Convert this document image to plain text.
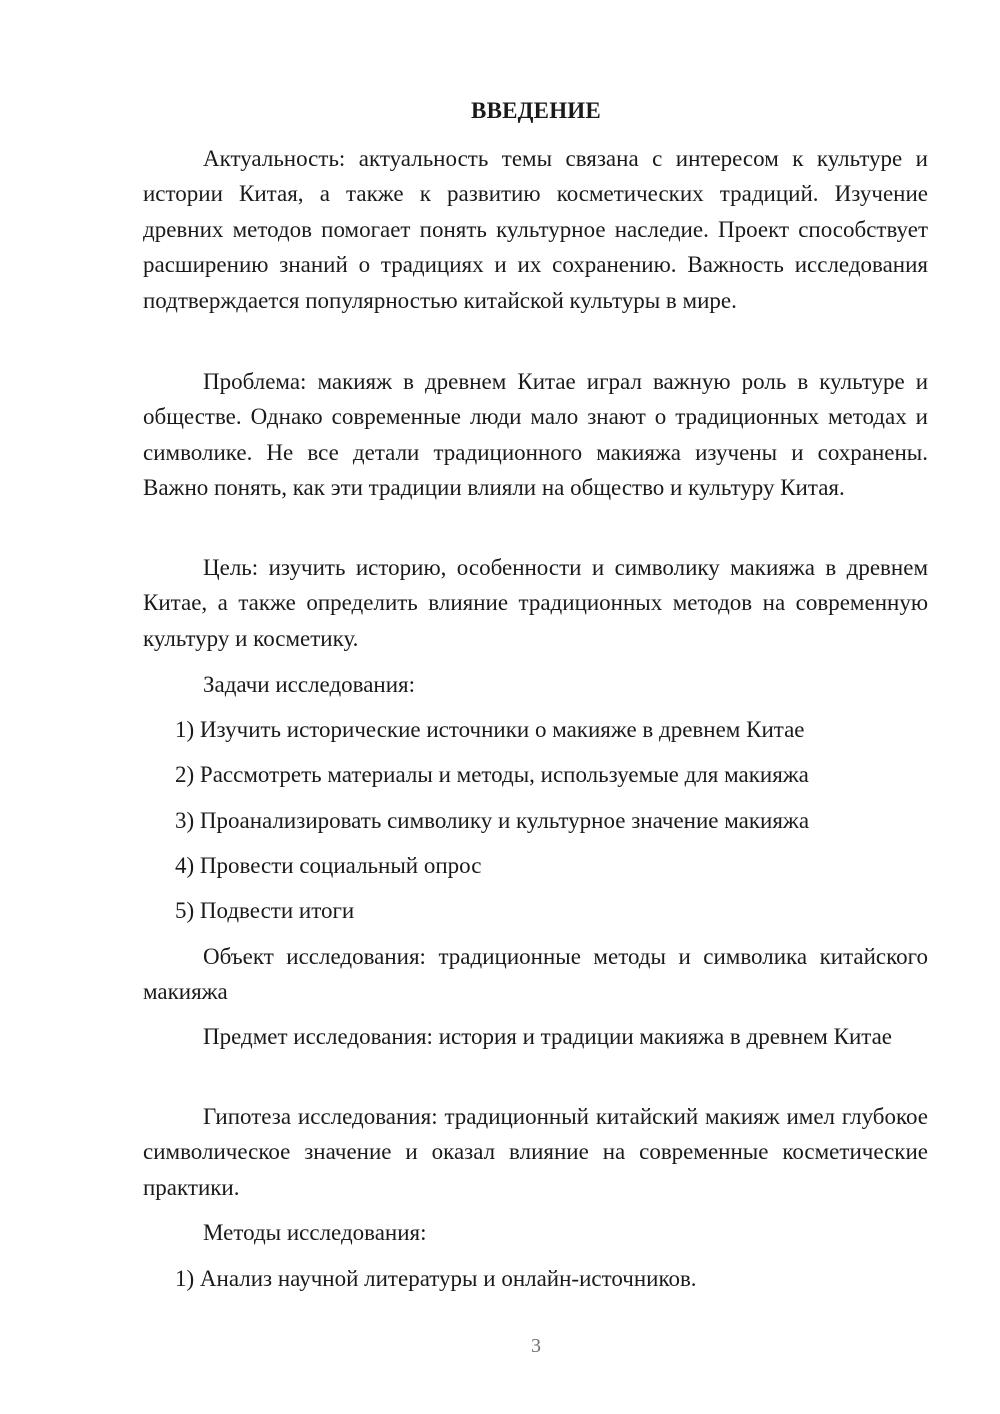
ВВЕДЕНИЕ
Актуальность: актуальность темы связана с интересом к культуре и истории Китая, а также к развитию косметических традиций. Изучение древних методов помогает понять культурное наследие. Проект способствует расширению знаний о традициях и их сохранению. Важность исследования подтверждается популярностью китайской культуры в мире.
Проблема: макияж в древнем Китае играл важную роль в культуре и обществе. Однако современные люди мало знают о традиционных методах и символике. Не все детали традиционного макияжа изучены и сохранены. Важно понять, как эти традиции влияли на общество и культуру Китая.
Цель: изучить историю, особенности и символику макияжа в древнем Китае, а также определить влияние традиционных методов на современную культуру и косметику.
Задачи исследования:
1) Изучить исторические источники о макияже в древнем Китае
2) Рассмотреть материалы и методы, используемые для макияжа
3) Проанализировать символику и культурное значение макияжа
4) Провести социальный опрос
5) Подвести итоги
Объект исследования: традиционные методы и символика китайского макияжа
Предмет исследования: история и традиции макияжа в древнем Китае
Гипотеза исследования: традиционный китайский макияж имел глубокое символическое значение и оказал влияние на современные косметические практики.
Методы исследования:
1) Анализ научной литературы и онлайн-источников.
3
